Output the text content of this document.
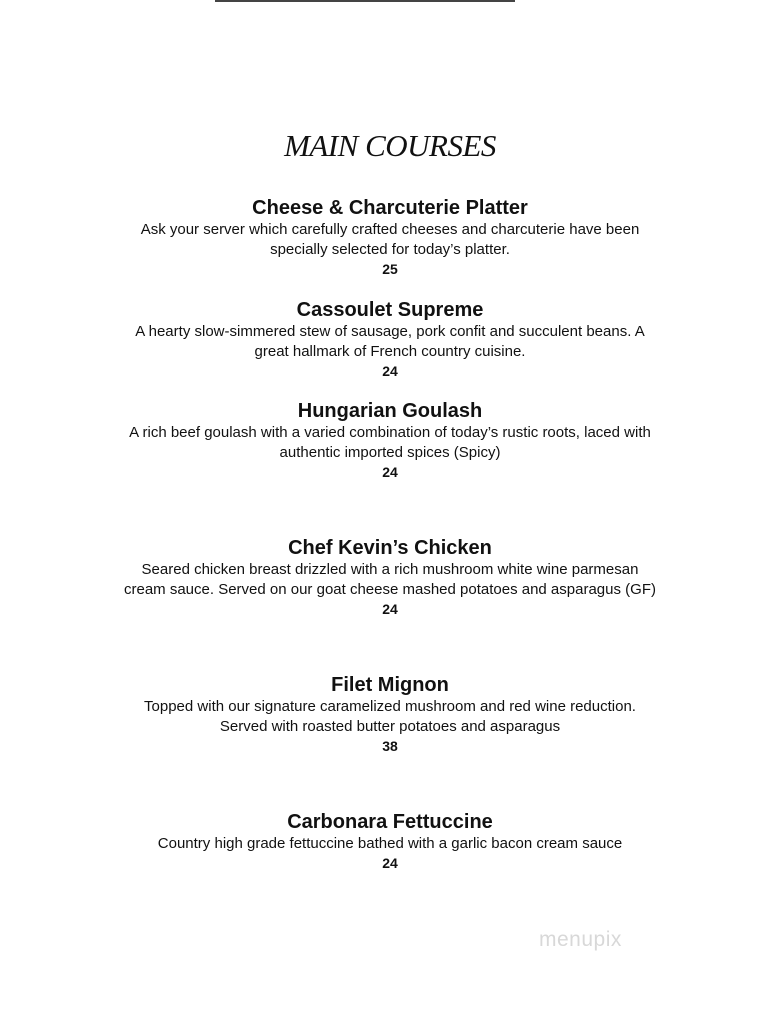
MAIN COURSES
Cheese & Charcuterie Platter
Ask your server which carefully crafted cheeses and charcuterie have been
specially selected for today’s platter.
25
Cassoulet Supreme
A hearty slow-simmered stew of sausage, pork confit and succulent beans. A
great hallmark of French country cuisine.
24
Hungarian Goulash
A rich beef goulash with a varied combination of today’s rustic roots, laced with
authentic imported spices (Spicy)
24
Chef Kevin’s Chicken
Seared chicken breast drizzled with a rich mushroom white wine parmesan
cream sauce. Served on our goat cheese mashed potatoes and asparagus (GF)
24
Filet Mignon
Topped with our signature caramelized mushroom and red wine reduction.
Served with roasted butter potatoes and asparagus
38
Carbonara Fettuccine
Country high grade fettuccine bathed with a garlic bacon cream sauce
24
menupix
